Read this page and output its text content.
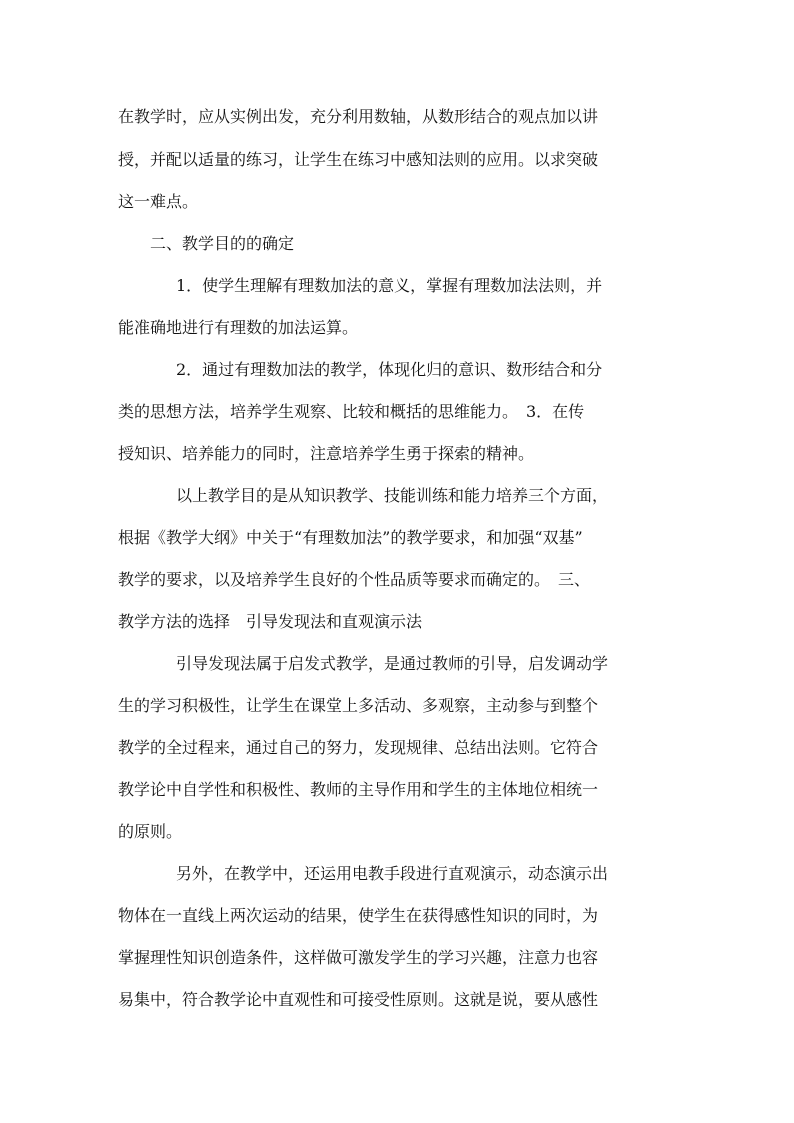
在教学时，应从实例出发，充分利用数轴，从数形结合的观点加以讲
授，并配以适量的练习，让学生在练习中感知法则的应用。以求突破
这一难点。
二、教学目的的确定
1．使学生理解有理数加法的意义，掌握有理数加法法则，并
能准确地进行有理数的加法运算。
2．通过有理数加法的教学，体现化归的意识、数形结合和分
类的思想方法，培养学生观察、比较和概括的思维能力。　3．在传
授知识、培养能力的同时，注意培养学生勇于探索的精神。
以上教学目的是从知识教学、技能训练和能力培养三个方面，
根据《教学大纲》中关于“有理数加法”的教学要求，和加强“双基”
教学的要求，以及培养学生良好的个性品质等要求而确定的。　三、
教学方法的选择　引导发现法和直观演示法
引导发现法属于启发式教学，是通过教师的引导，启发调动学
生的学习积极性，让学生在课堂上多活动、多观察，主动参与到整个
教学的全过程来，通过自己的努力，发现规律、总结出法则。它符合
教学论中自学性和积极性、教师的主导作用和学生的主体地位相统一
的原则。
另外，在教学中，还运用电教手段进行直观演示，动态演示出
物体在一直线上两次运动的结果，使学生在获得感性知识的同时，为
掌握理性知识创造条件，这样做可激发学生的学习兴趣，注意力也容
易集中，符合教学论中直观性和可接受性原则。这就是说，要从感性
